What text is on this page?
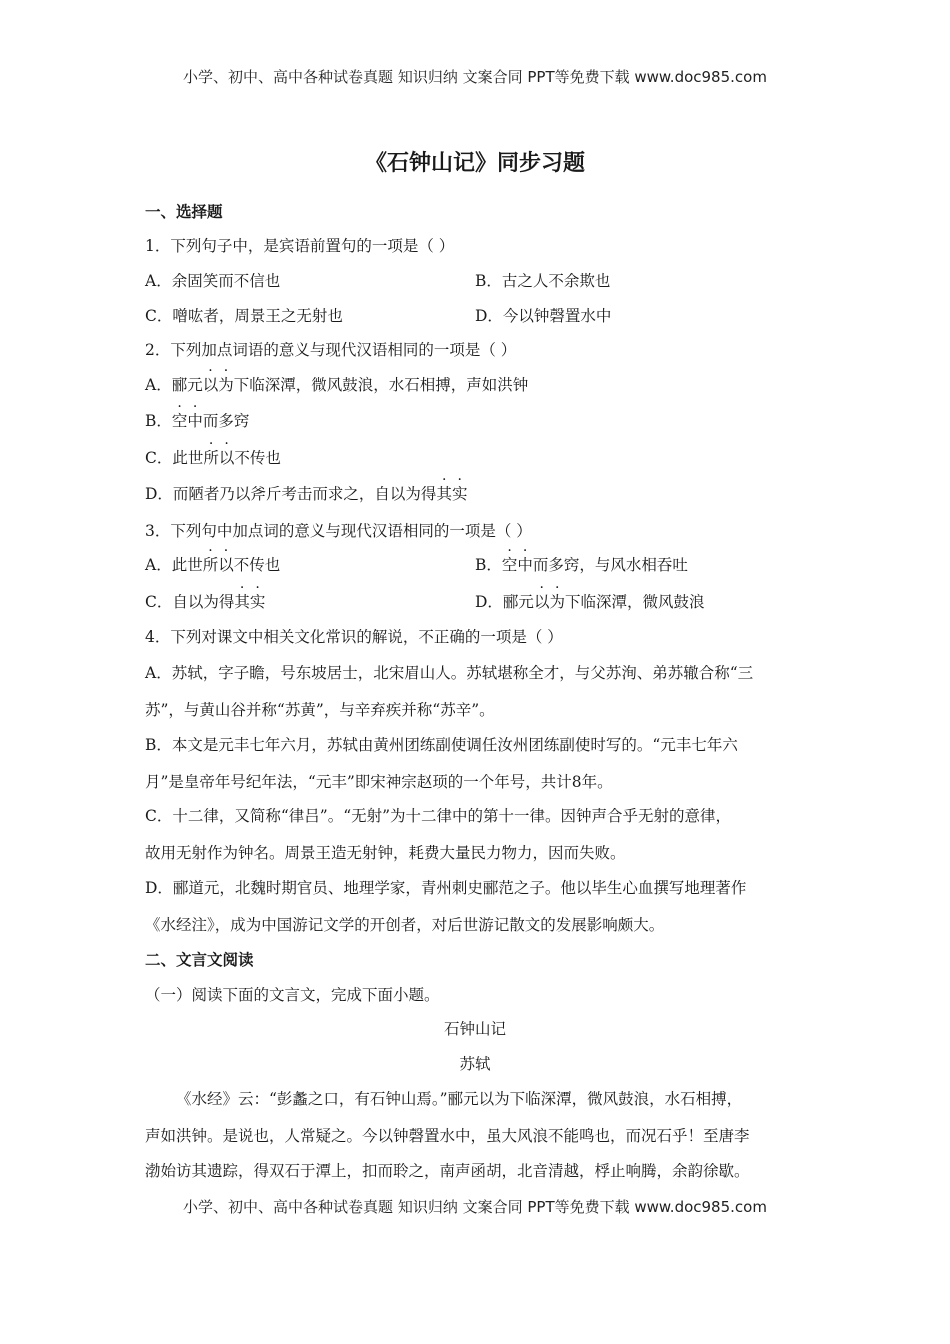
小学、初中、高中各种试卷真题 知识归纳 文案合同 PPT等免费下载 www.doc985.com
《石钟山记》同步习题
一、选择题
1．下列句子中，是宾语前置句的一项是（ ）
A．余固笑而不信也	B．古之人不余欺也
C．噌吰者，周景王之无射也	D．今以钟磬置水中
2．下列加点词语的意义与现代汉语相同的一项是（ ）
A．郦元以为下临深潭，微风鼓浪，水石相搏，声如洪钟
B．空中而多窍
C．此世所以不传也
D．而陋者乃以斧斤考击而求之，自以为得其实
3．下列句中加点词的意义与现代汉语相同的一项是（ ）
A．此世所以不传也	B．空中而多窍，与风水相吞吐
C．自以为得其实	D．郦元以为下临深潭，微风鼓浪
4．下列对课文中相关文化常识的解说，不正确的一项是（ ）
A．苏轼，字子瞻，号东坡居士，北宋眉山人。苏轼堪称全才，与父苏洵、弟苏辙合称“三
苏”，与黄山谷并称“苏黄”，与辛弃疾并称“苏辛”。
B．本文是元丰七年六月，苏轼由黄州团练副使调任汝州团练副使时写的。“元丰七年六
月”是皇帝年号纪年法，“元丰”即宋神宗赵顼的一个年号，共计8年。
C．十二律，又简称“律吕”。“无射”为十二律中的第十一律。因钟声合乎无射的意律，
故用无射作为钟名。周景王造无射钟，耗费大量民力物力，因而失败。
D．郦道元，北魏时期官员、地理学家，青州刺史郦范之子。他以毕生心血撰写地理著作
《水经注》，成为中国游记文学的开创者，对后世游记散文的发展影响颇大。
二、文言文阅读
（一）阅读下面的文言文，完成下面小题。
石钟山记
苏轼
《水经》云：“彭蠡之口，有石钟山焉。”郦元以为下临深潭，微风鼓浪，水石相搏，
声如洪钟。是说也，人常疑之。今以钟磬置水中，虽大风浪不能鸣也，而况石乎！至唐李
渤始访其遗踪，得双石于潭上，扣而聆之，南声函胡，北音清越，桴止响腾，余韵徐歇。
小学、初中、高中各种试卷真题 知识归纳 文案合同 PPT等免费下载 www.doc985.com
